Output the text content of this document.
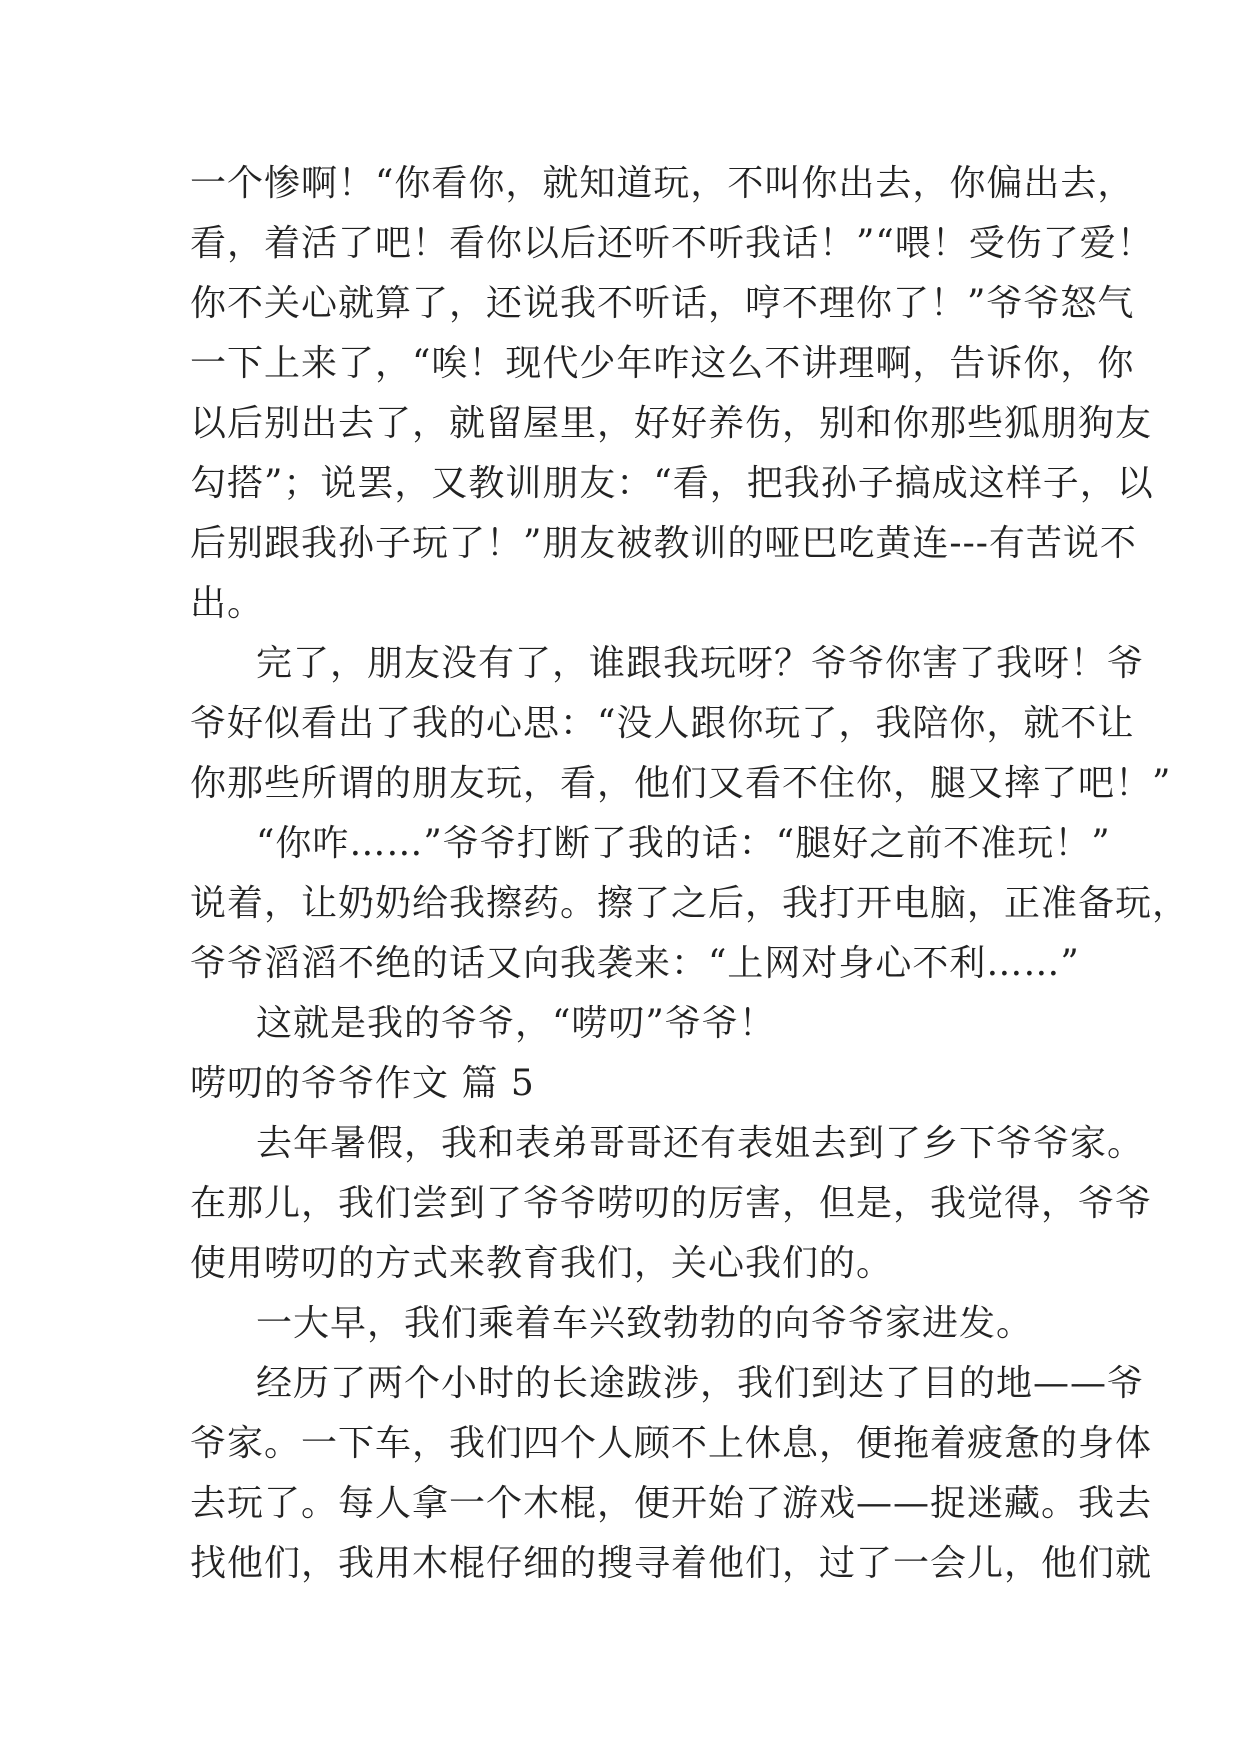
一个惨啊！“你看你，就知道玩，不叫你出去，你偏出去，
看，着活了吧！看你以后还听不听我话！”“喂！受伤了爱！
你不关心就算了，还说我不听话，哼不理你了！”爷爷怒气
一下上来了，“唉！现代少年咋这么不讲理啊，告诉你，你
以后别出去了，就留屋里，好好养伤，别和你那些狐朋狗友
勾搭”；说罢，又教训朋友：“看，把我孙子搞成这样子，以
后别跟我孙子玩了！”朋友被教训的哑巴吃黄连---有苦说不
出。
完了，朋友没有了，谁跟我玩呀？爷爷你害了我呀！爷
爷好似看出了我的心思：“没人跟你玩了，我陪你，就不让
你那些所谓的朋友玩，看，他们又看不住你，腿又摔了吧！”
“你咋……”爷爷打断了我的话：“腿好之前不准玩！”
说着，让奶奶给我擦药。擦了之后，我打开电脑，正准备玩，
爷爷滔滔不绝的话又向我袭来：“上网对身心不利……”
这就是我的爷爷，“唠叨”爷爷！
唠叨的爷爷作文 篇 5
去年暑假，我和表弟哥哥还有表姐去到了乡下爷爷家。
在那儿，我们尝到了爷爷唠叨的厉害，但是，我觉得，爷爷
使用唠叨的方式来教育我们，关心我们的。
一大早，我们乘着车兴致勃勃的向爷爷家进发。
经历了两个小时的长途跋涉，我们到达了目的地——爷
爷家。一下车，我们四个人顾不上休息，便拖着疲惫的身体
去玩了。每人拿一个木棍，便开始了游戏——捉迷藏。我去
找他们，我用木棍仔细的搜寻着他们，过了一会儿，他们就
